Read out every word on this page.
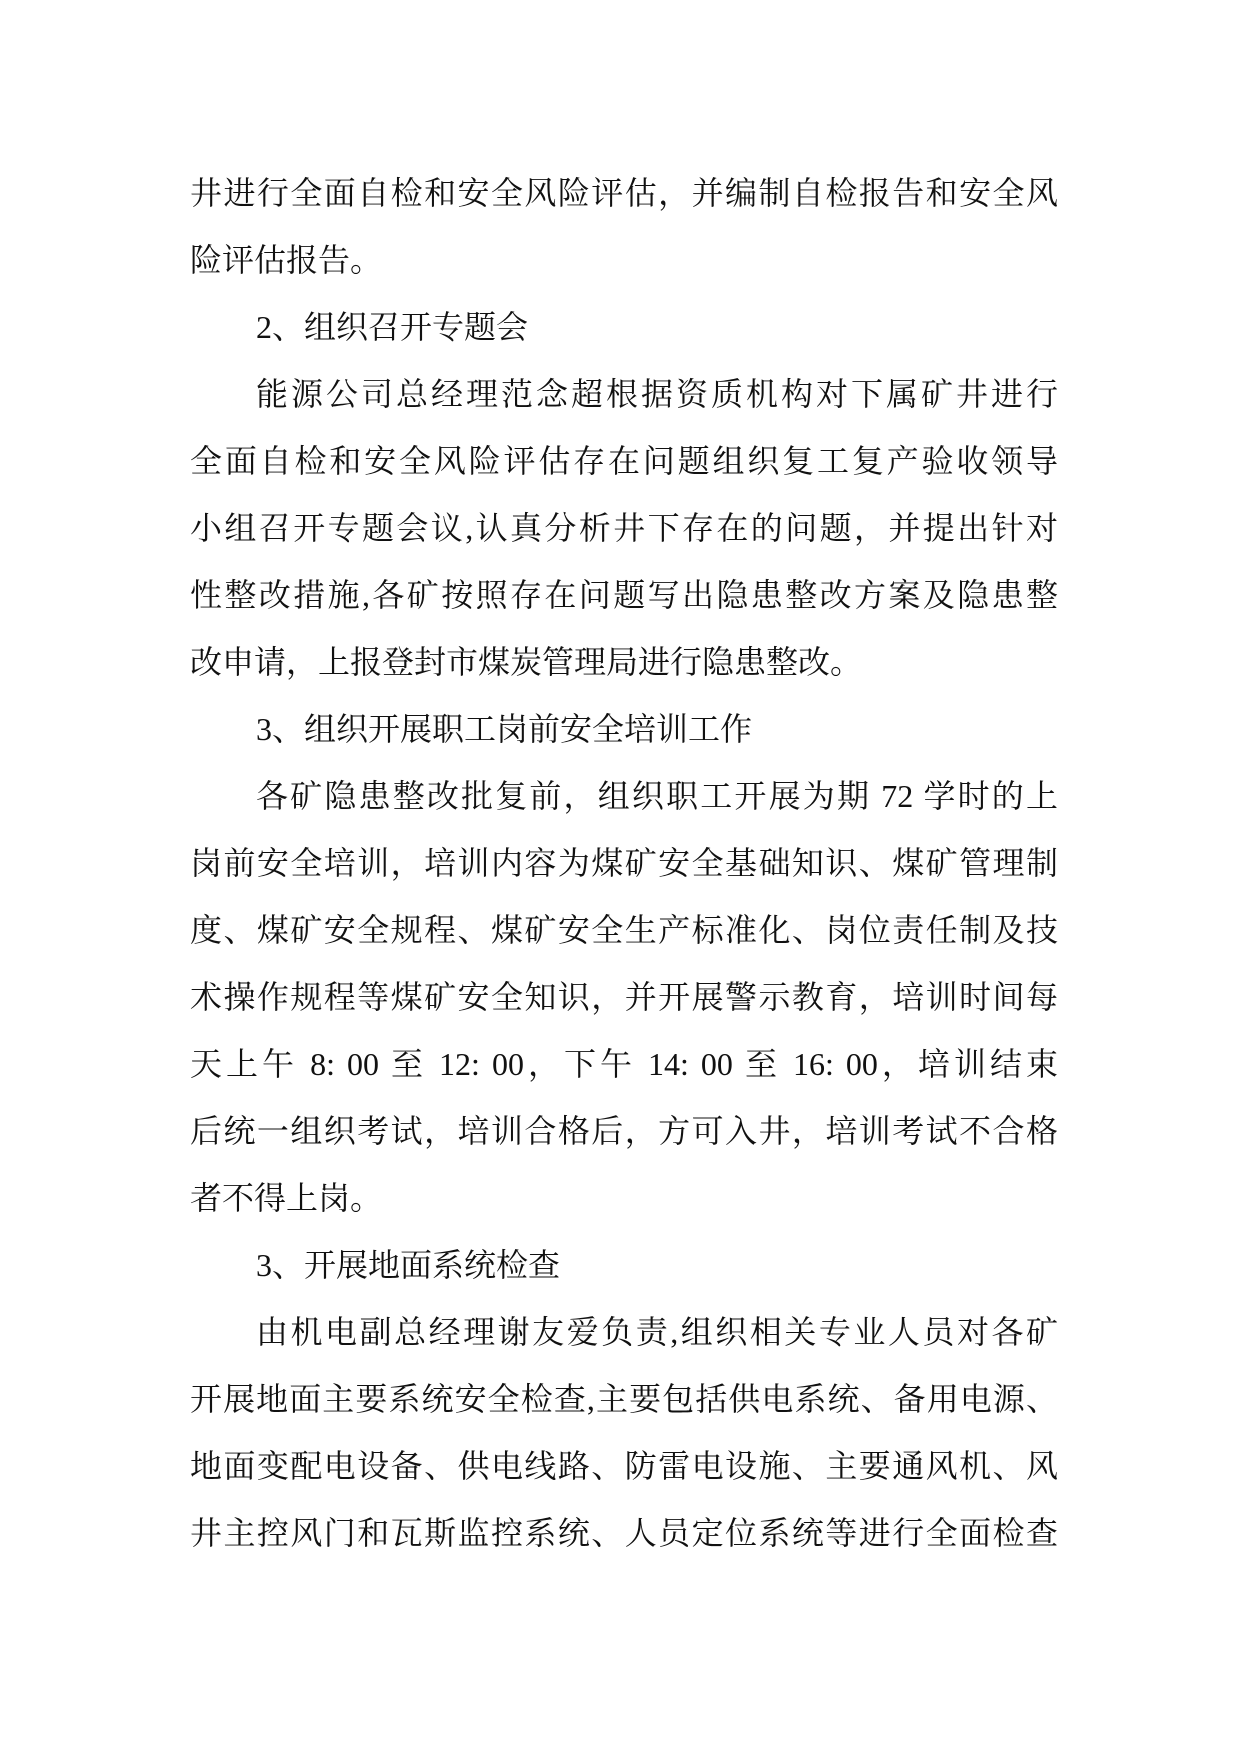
井进行全面自检和安全风险评估，并编制自检报告和安全风
险评估报告。
2、组织召开专题会
能源公司总经理范念超根据资质机构对下属矿井进行
全面自检和安全风险评估存在问题组织复工复产验收领导
小组召开专题会议,认真分析井下存在的问题，并提出针对
性整改措施,各矿按照存在问题写出隐患整改方案及隐患整
改申请，上报登封市煤炭管理局进行隐患整改。
3、组织开展职工岗前安全培训工作
各矿隐患整改批复前，组织职工开展为期 72 学时的上
岗前安全培训，培训内容为煤矿安全基础知识、煤矿管理制
度、煤矿安全规程、煤矿安全生产标准化、岗位责任制及技
术操作规程等煤矿安全知识，并开展警示教育，培训时间每
天上午 8: 00 至 12: 00，下午 14: 00 至 16: 00，培训结束
后统一组织考试，培训合格后，方可入井，培训考试不合格
者不得上岗。
3、开展地面系统检查
由机电副总经理谢友爱负责,组织相关专业人员对各矿
开展地面主要系统安全检查,主要包括供电系统、备用电源、
地面变配电设备、供电线路、防雷电设施、主要通风机、风
井主控风门和瓦斯监控系统、人员定位系统等进行全面检查
